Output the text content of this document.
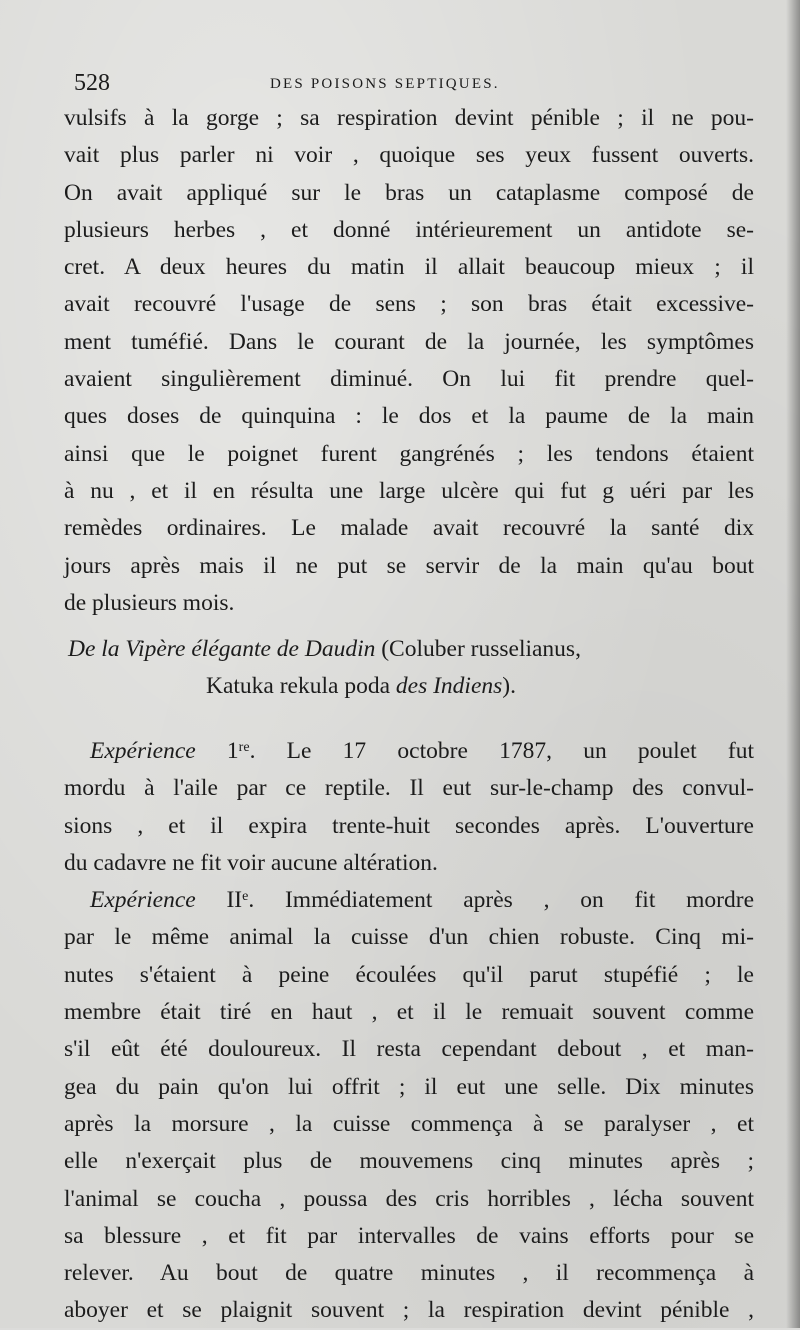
528	DES POISONS SEPTIQUES.
vulsifs à la gorge ; sa respiration devint pénible ; il ne pou-
vait plus parler ni voir , quoique ses yeux fussent ouverts.
On avait appliqué sur le bras un cataplasme composé de
plusieurs herbes , et donné intérieurement un antidote se-
cret. A deux heures du matin il allait beaucoup mieux ; il
avait recouvré l'usage de sens ; son bras était excessive-
ment tuméfié. Dans le courant de la journée, les symptômes
avaient singulièrement diminué. On lui fit prendre quel-
ques doses de quinquina : le dos et la paume de la main
ainsi que le poignet furent gangrénés ; les tendons étaient
à nu , et il en résulta une large ulcère qui fut g uéri par les
remèdes ordinaires. Le malade avait recouvré la santé dix
jours après mais il ne put se servir de la main qu'au bout
de plusieurs mois.
De la Vipère élégante de Daudin (Coluber russelianus,
Katuka rekula poda des Indiens).
Expérience 1re. Le 17 octobre 1787, un poulet fut
mordu à l'aile par ce reptile. Il eut sur-le-champ des convul-
sions , et il expira trente-huit secondes après. L'ouverture
du cadavre ne fit voir aucune altération.
Expérience IIe. Immédiatement après , on fit mordre
par le même animal la cuisse d'un chien robuste. Cinq mi-
nutes s'étaient à peine écoulées qu'il parut stupéfié ; le
membre était tiré en haut , et il le remuait souvent comme
s'il eût été douloureux. Il resta cependant debout , et man-
gea du pain qu'on lui offrit ; il eut une selle. Dix minutes
après la morsure , la cuisse commença à se paralyser , et
elle n'exerçait plus de mouvemens cinq minutes après ;
l'animal se coucha , poussa des cris horribles , lécha souvent
sa blessure , et fit par intervalles de vains efforts pour se
relever. Au bout de quatre minutes , il recommença à
aboyer et se plaignit souvent ; la respiration devint pénible ,
